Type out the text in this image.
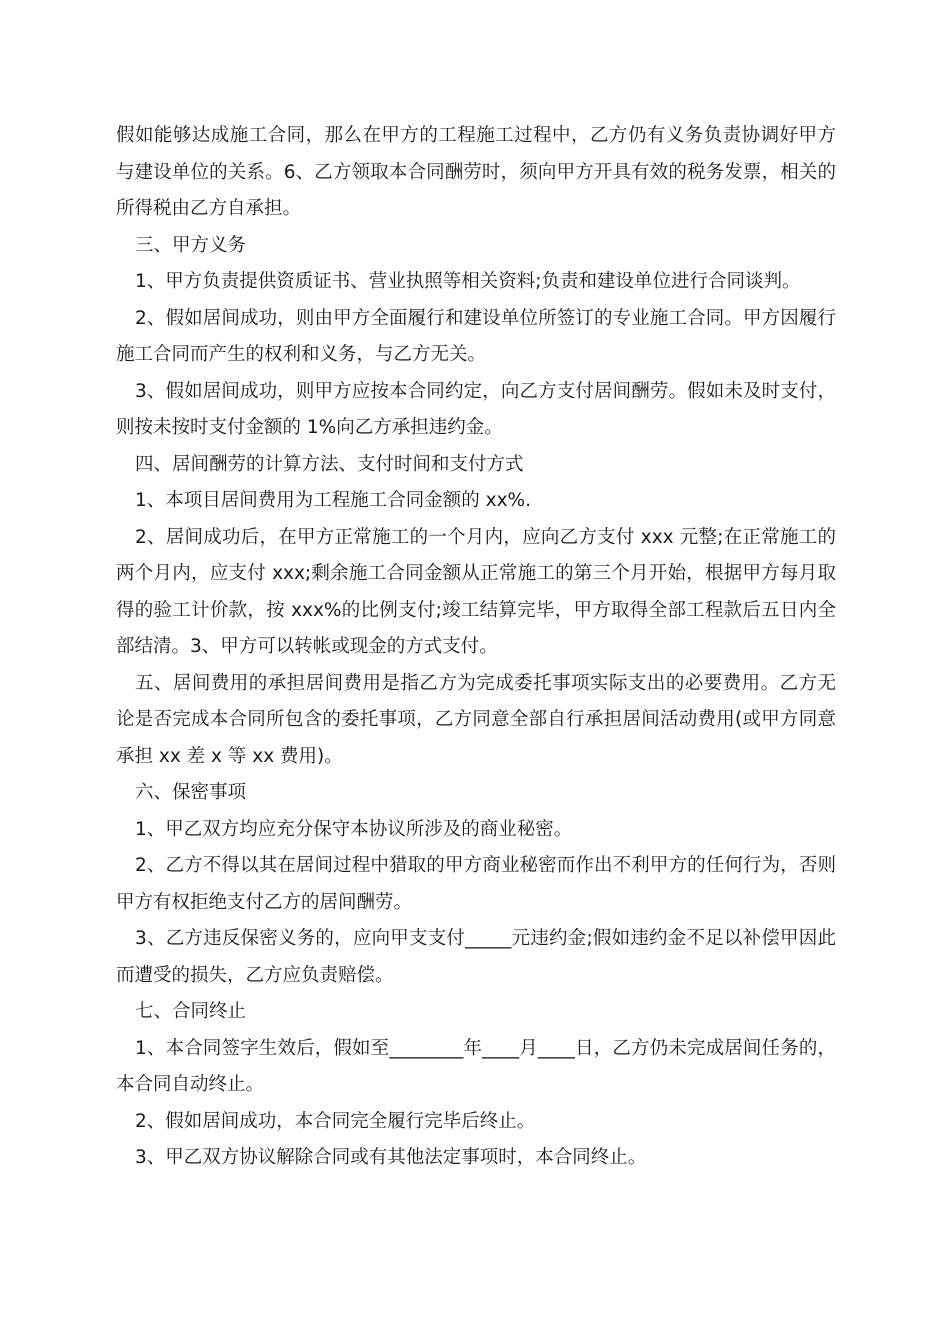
假如能够达成施工合同，那么在甲方的工程施工过程中，乙方仍有义务负责协调好甲方与建设单位的关系。6、乙方领取本合同酬劳时，须向甲方开具有效的税务发票，相关的所得税由乙方自承担。

三、甲方义务

1、甲方负责提供资质证书、营业执照等相关资料;负责和建设单位进行合同谈判。

2、假如居间成功，则由甲方全面履行和建设单位所签订的专业施工合同。甲方因履行施工合同而产生的权利和义务，与乙方无关。

3、假如居间成功，则甲方应按本合同约定，向乙方支付居间酬劳。假如未及时支付，则按未按时支付金额的 1%向乙方承担违约金。

四、居间酬劳的计算方法、支付时间和支付方式

1、本项目居间费用为工程施工合同金额的 xx%.

2、居间成功后，在甲方正常施工的一个月内，应向乙方支付 xxx 元整;在正常施工的两个月内，应支付 xxx;剩余施工合同金额从正常施工的第三个月开始，根据甲方每月取得的验工计价款，按 xxx%的比例支付;竣工结算完毕，甲方取得全部工程款后五日内全部结清。3、甲方可以转帐或现金的方式支付。

五、居间费用的承担居间费用是指乙方为完成委托事项实际支出的必要费用。乙方无论是否完成本合同所包含的委托事项，乙方同意全部自行承担居间活动费用(或甲方同意承担 xx 差 x 等 xx 费用)。

六、保密事项

1、甲乙双方均应充分保守本协议所涉及的商业秘密。

2、乙方不得以其在居间过程中猎取的甲方商业秘密而作出不利甲方的任何行为，否则甲方有权拒绝支付乙方的居间酬劳。

3、乙方违反保密义务的，应向甲支支付_____元违约金;假如违约金不足以补偿甲因此而遭受的损失，乙方应负责赔偿。

七、合同终止

1、本合同签字生效后，假如至________年____月____日，乙方仍未完成居间任务的，本合同自动终止。

2、假如居间成功，本合同完全履行完毕后终止。

3、甲乙双方协议解除合同或有其他法定事项时，本合同终止。
